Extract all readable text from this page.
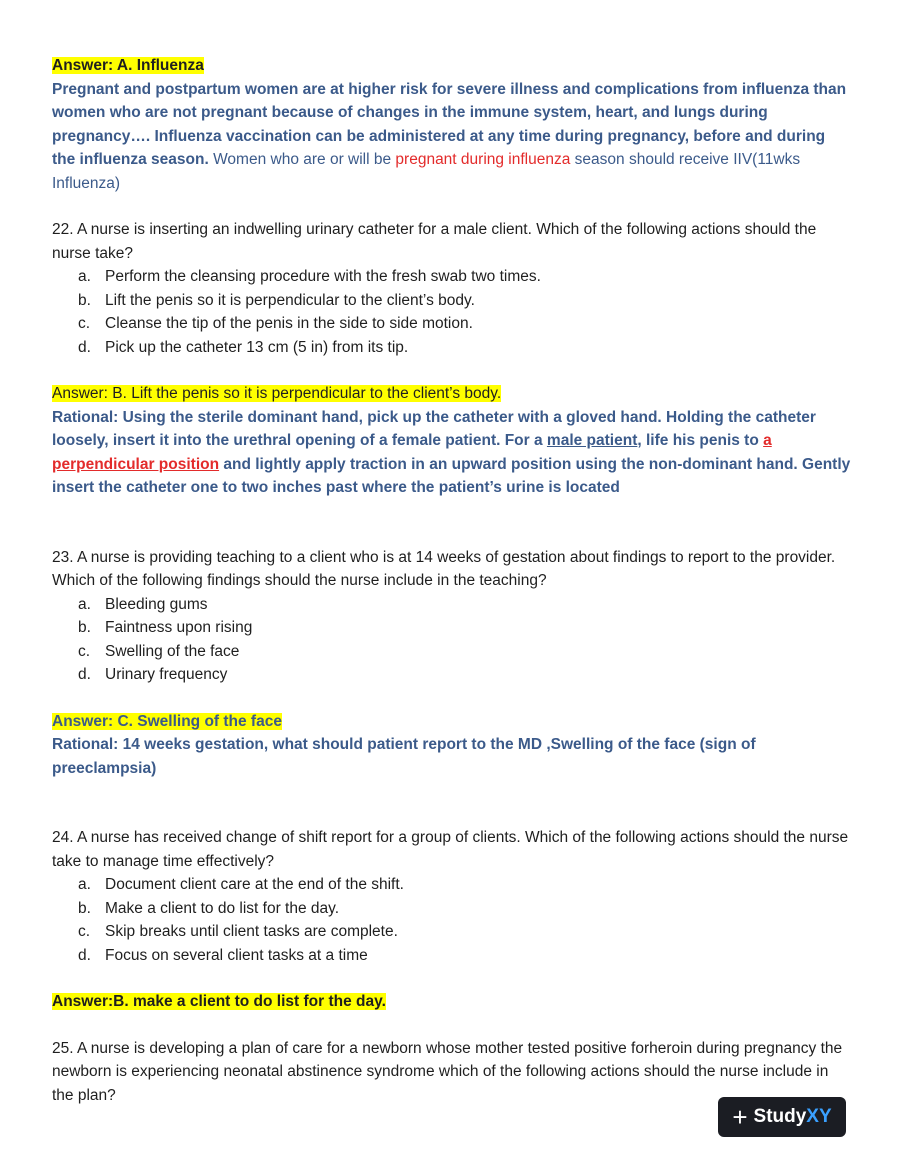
Answer: A. Influenza

Pregnant and postpartum women are at higher risk for severe illness and complications from influenza than women who are not pregnant because of changes in the immune system, heart, and lungs during pregnancy…. Influenza vaccination can be administered at any time during pregnancy, before and during the influenza season. Women who are or will be pregnant during influenza season should receive IIV(11wks Influenza)

22. A nurse is inserting an indwelling urinary catheter for a male client. Which of the following actions should the nurse take?

a. Perform the cleansing procedure with the fresh swab two times.
b. Lift the penis so it is perpendicular to the client’s body.
c. Cleanse the tip of the penis in the side to side motion.
d. Pick up the catheter 13 cm (5 in) from its tip.

Answer: B. Lift the penis so it is perpendicular to the client’s body.

Rational: Using the sterile dominant hand, pick up the catheter with a gloved hand. Holding the catheter loosely, insert it into the urethral opening of a female patient. For a male patient, life his penis to a perpendicular position and lightly apply traction in an upward position using the non-dominant hand. Gently insert the catheter one to two inches past where the patient’s urine is located

23. A nurse is providing teaching to a client who is at 14 weeks of gestation about findings to report to the provider. Which of the following findings should the nurse include in the teaching?

a. Bleeding gums
b. Faintness upon rising
c. Swelling of the face
d. Urinary frequency

Answer: C. Swelling of the face

Rational: 14 weeks gestation, what should patient report to the MD ,Swelling of the face (sign of preeclampsia)

24. A nurse has received change of shift report for a group of clients. Which of the following actions should the nurse take to manage time effectively?

a. Document client care at the end of the shift.
b. Make a client to do list for the day.
c. Skip breaks until client tasks are complete.
d. Focus on several client tasks at a time

Answer:B. make a client to do list for the day.

25. A nurse is developing a plan of care for a newborn whose mother tested positive forheroin during pregnancy the newborn is experiencing neonatal abstinence syndrome which of the following actions should the nurse include in the plan?

+ Study XY
